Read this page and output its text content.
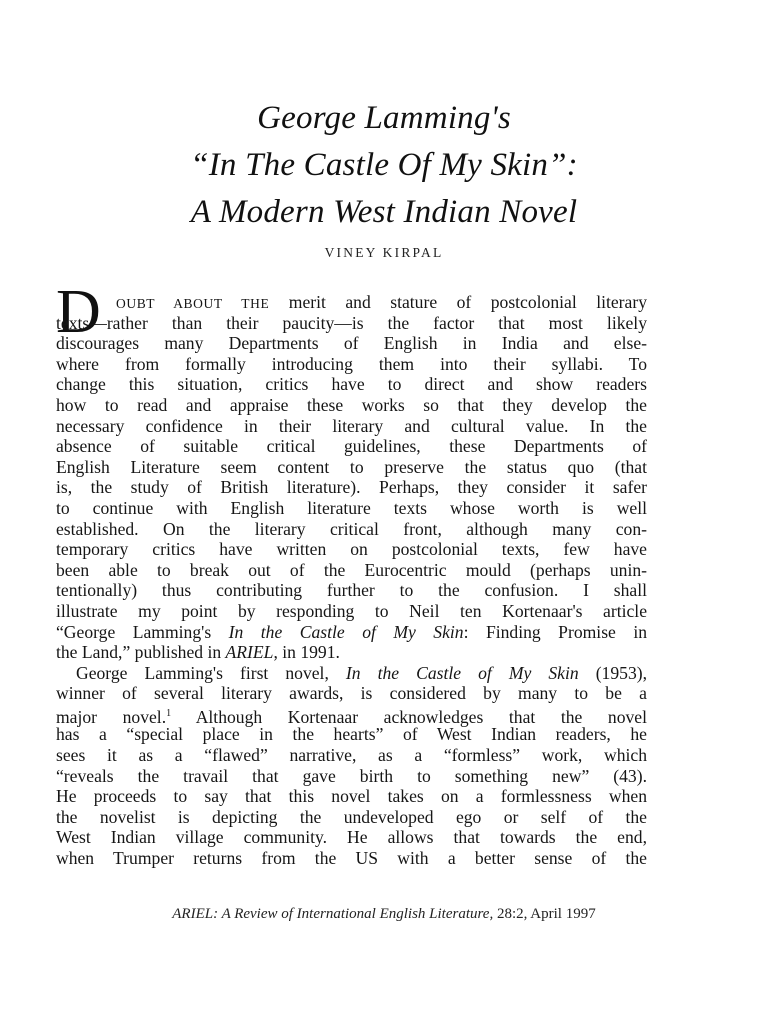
George Lamming's
“In The Castle Of My Skin”:
A Modern West Indian Novel
VINEY KIRPAL
D	OUBT ABOUT THE merit and stature of postcolonial literary
texts—rather than their paucity—is the factor that most likely
discourages many Departments of English in India and else-
where from formally introducing them into their syllabi. To
change this situation, critics have to direct and show readers
how to read and appraise these works so that they develop the
necessary confidence in their literary and cultural value. In the
absence of suitable critical guidelines, these Departments of
English Literature seem content to preserve the status quo (that
is, the study of British literature). Perhaps, they consider it safer
to continue with English literature texts whose worth is well
established. On the literary critical front, although many con-
temporary critics have written on postcolonial texts, few have
been able to break out of the Eurocentric mould (perhaps unin-
tentionally) thus contributing further to the confusion. I shall
illustrate my point by responding to Neil ten Kortenaar's article
“George Lamming's In the Castle of My Skin: Finding Promise in
the Land,” published in ARIEL, in 1991.
George Lamming's first novel, In the Castle of My Skin (1953),
winner of several literary awards, is considered by many to be a
major novel.$^1$ Although Kortenaar acknowledges that the novel
has a “special place in the hearts” of West Indian readers, he
sees it as a “flawed” narrative, as a “formless” work, which
“reveals the travail that gave birth to something new” (43).
He proceeds to say that this novel takes on a formlessness when
the novelist is depicting the undeveloped ego or self of the
West Indian village community. He allows that towards the end,
when Trumper returns from the US with a better sense of the
ARIEL: A Review of International English Literature, 28:2, April 1997
